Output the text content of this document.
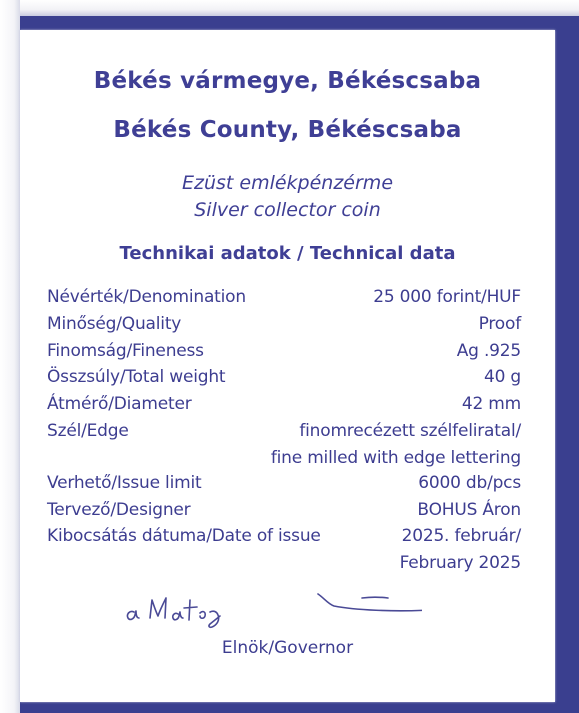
Békés vármegye, Békéscsaba
Békés County, Békéscsaba
Ezüst emlékpénzérme
Silver collector coin
Technikai adatok / Technical data
Névérték/Denomination	25 000 forint/HUF
Minőség/Quality	Proof
Finomság/Fineness	Ag .925
Összsúly/Total weight	40 g
Átmérő/Diameter	42 mm
Szél/Edge	finomrecézett szélfeliratal/
fine milled with edge lettering
Verhető/Issue limit	6000 db/pcs
Tervező/Designer	BOHUS Áron
Kibocsátás dátuma/Date of issue	2025. február/
February 2025
Elnök/Governor
